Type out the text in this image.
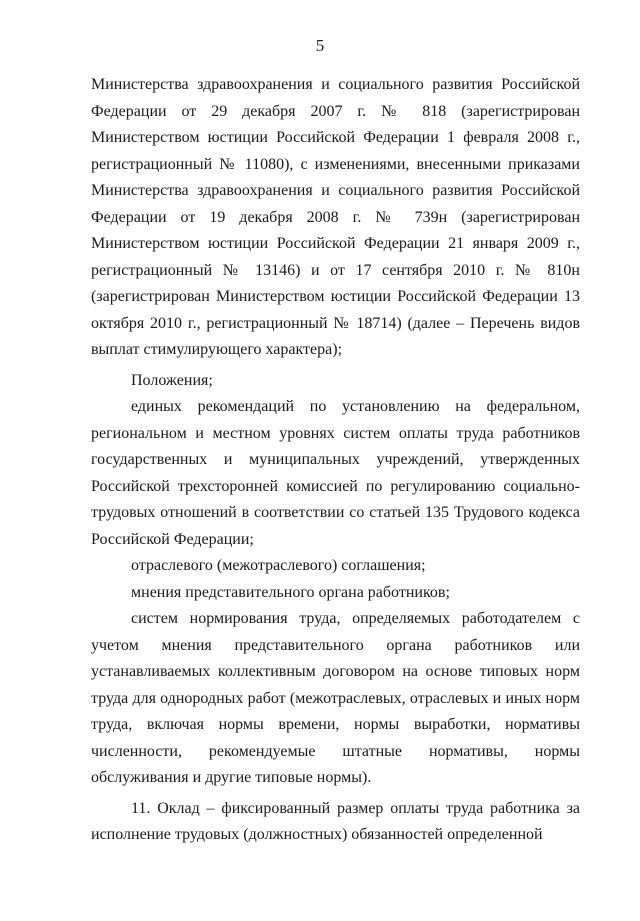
5

Министерства здравоохранения и социального развития Российской Федерации от 29 декабря 2007 г. № 818 (зарегистрирован Министерством юстиции Российской Федерации 1 февраля 2008 г., регистрационный № 11080), с изменениями, внесенными приказами Министерства здравоохранения и социального развития Российской Федерации от 19 декабря 2008 г. № 739н (зарегистрирован Министерством юстиции Российской Федерации 21 января 2009 г., регистрационный № 13146) и от 17 сентября 2010 г. № 810н (зарегистрирован Министерством юстиции Российской Федерации 13 октября 2010 г., регистрационный № 18714) (далее – Перечень видов выплат стимулирующего характера);

Положения;

единых рекомендаций по установлению на федеральном, региональном и местном уровнях систем оплаты труда работников государственных и муниципальных учреждений, утвержденных Российской трехсторонней комиссией по регулированию социально-трудовых отношений в соответствии со статьей 135 Трудового кодекса Российской Федерации;

отраслевого (межотраслевого) соглашения;

мнения представительного органа работников;

систем нормирования труда, определяемых работодателем с учетом мнения представительного органа работников или устанавливаемых коллективным договором на основе типовых норм труда для однородных работ (межотраслевых, отраслевых и иных норм труда, включая нормы времени, нормы выработки, нормативы численности, рекомендуемые штатные нормативы, нормы обслуживания и другие типовые нормы).

11. Оклад – фиксированный размер оплаты труда работника за исполнение трудовых (должностных) обязанностей определенной
